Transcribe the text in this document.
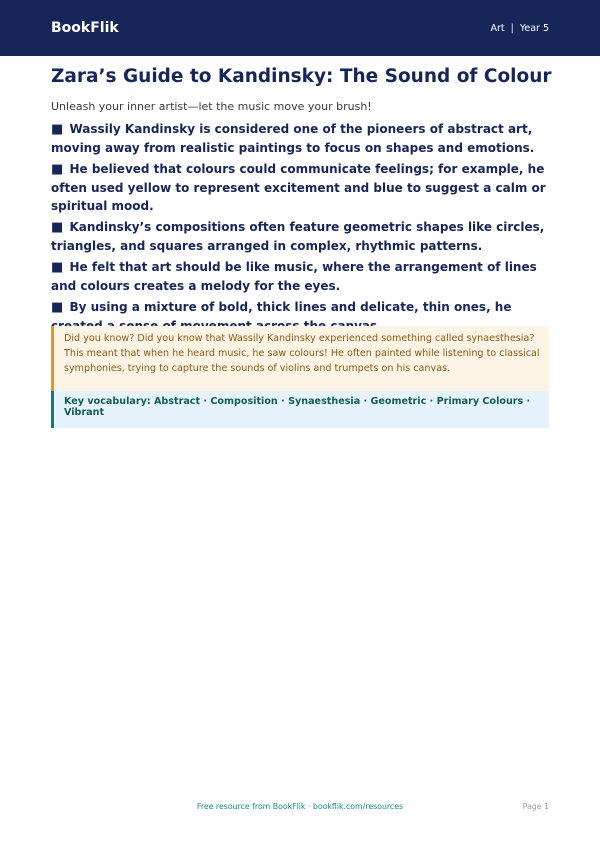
BookFlik	Art | Year 5
Zara’s Guide to Kandinsky: The Sound of Colour

Unleash your inner artist—let the music move your brush!

■ Wassily Kandinsky is considered one of the pioneers of abstract art, moving away from realistic paintings to focus on shapes and emotions.
■ He believed that colours could communicate feelings; for example, he often used yellow to represent excitement and blue to suggest a calm or spiritual mood.
■ Kandinsky’s compositions often feature geometric shapes like circles, triangles, and squares arranged in complex, rhythmic patterns.
■ He felt that art should be like music, where the arrangement of lines and colours creates a melody for the eyes.
■ By using a mixture of bold, thick lines and delicate, thin ones, he

Did you know? Did you know that Wassily Kandinsky experienced something called synaesthesia? This meant that when he heard music, he saw colours! He often painted while listening to classical symphonies, trying to capture the sounds of violins and trumpets on his canvas.

Key vocabulary: Abstract · Composition · Synaesthesia · Geometric · Primary Colours · Vibrant

Free resource from BookFlik · bookflik.com/resources	Page 1
